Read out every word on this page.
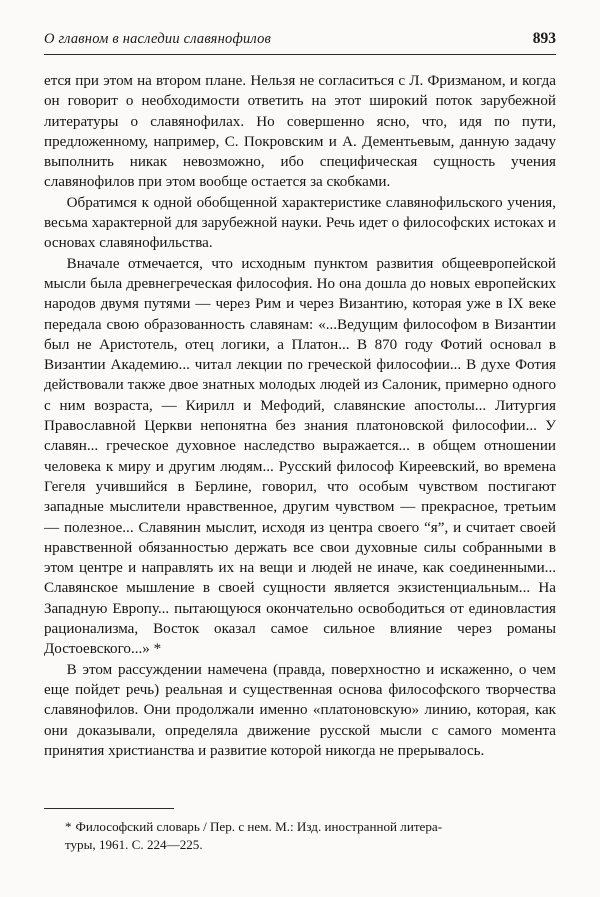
О главном в наследии славянофилов	893

ется при этом на втором плане. Нельзя не согласиться с Л. Фризманом, и когда он говорит о необходимости ответить на этот широкий поток зарубежной литературы о славянофилах. Но совершенно ясно, что, идя по пути, предложенному, например, С. Покровским и А. Дементьевым, данную задачу выполнить никак невозможно, ибо специфическая сущность учения славянофилов при этом вообще остается за скобками.

Обратимся к одной обобщенной характеристике славянофильского учения, весьма характерной для зарубежной науки. Речь идет о философских истоках и основах славянофильства.

Вначале отмечается, что исходным пунктом развития общеевропейской мысли была древнегреческая философия. Но она дошла до новых европейских народов двумя путями — через Рим и через Византию, которая уже в IX веке передала свою образованность славянам: «...Ведущим философом в Византии был не Аристотель, отец логики, а Платон... В 870 году Фотий основал в Византии Академию... читал лекции по греческой философии... В духе Фотия действовали также двое знатных молодых людей из Салоник, примерно одного с ним возраста, — Кирилл и Мефодий, славянские апостолы... Литургия Православной Церкви непонятна без знания платоновской философии... У славян... греческое духовное наследство выражается... в общем отношении человека к миру и другим людям... Русский философ Киреевский, во времена Гегеля учившийся в Берлине, говорил, что особым чувством постигают западные мыслители нравственное, другим чувством — прекрасное, третьим — полезное... Славянин мыслит, исходя из центра своего “я”, и считает своей нравственной обязанностью держать все свои духовные силы собранными в этом центре и направлять их на вещи и людей не иначе, как соединенными... Славянское мышление в своей сущности является экзистенциальным... На Западную Европу... пытающуюся окончательно освободиться от единовластия рационализма, Восток оказал самое сильное влияние через романы Достоевского...» *

В этом рассуждении намечена (правда, поверхностно и искаженно, о чем еще пойдет речь) реальная и существенная основа философского творчества славянофилов. Они продолжали именно «платоновскую» линию, которая, как они доказывали, определяла движение русской мысли с самого момента принятия христианства и развитие которой никогда не прерывалось.

* Философский словарь / Пер. с нем. М.: Изд. иностранной литера-
туры, 1961. С. 224—225.
